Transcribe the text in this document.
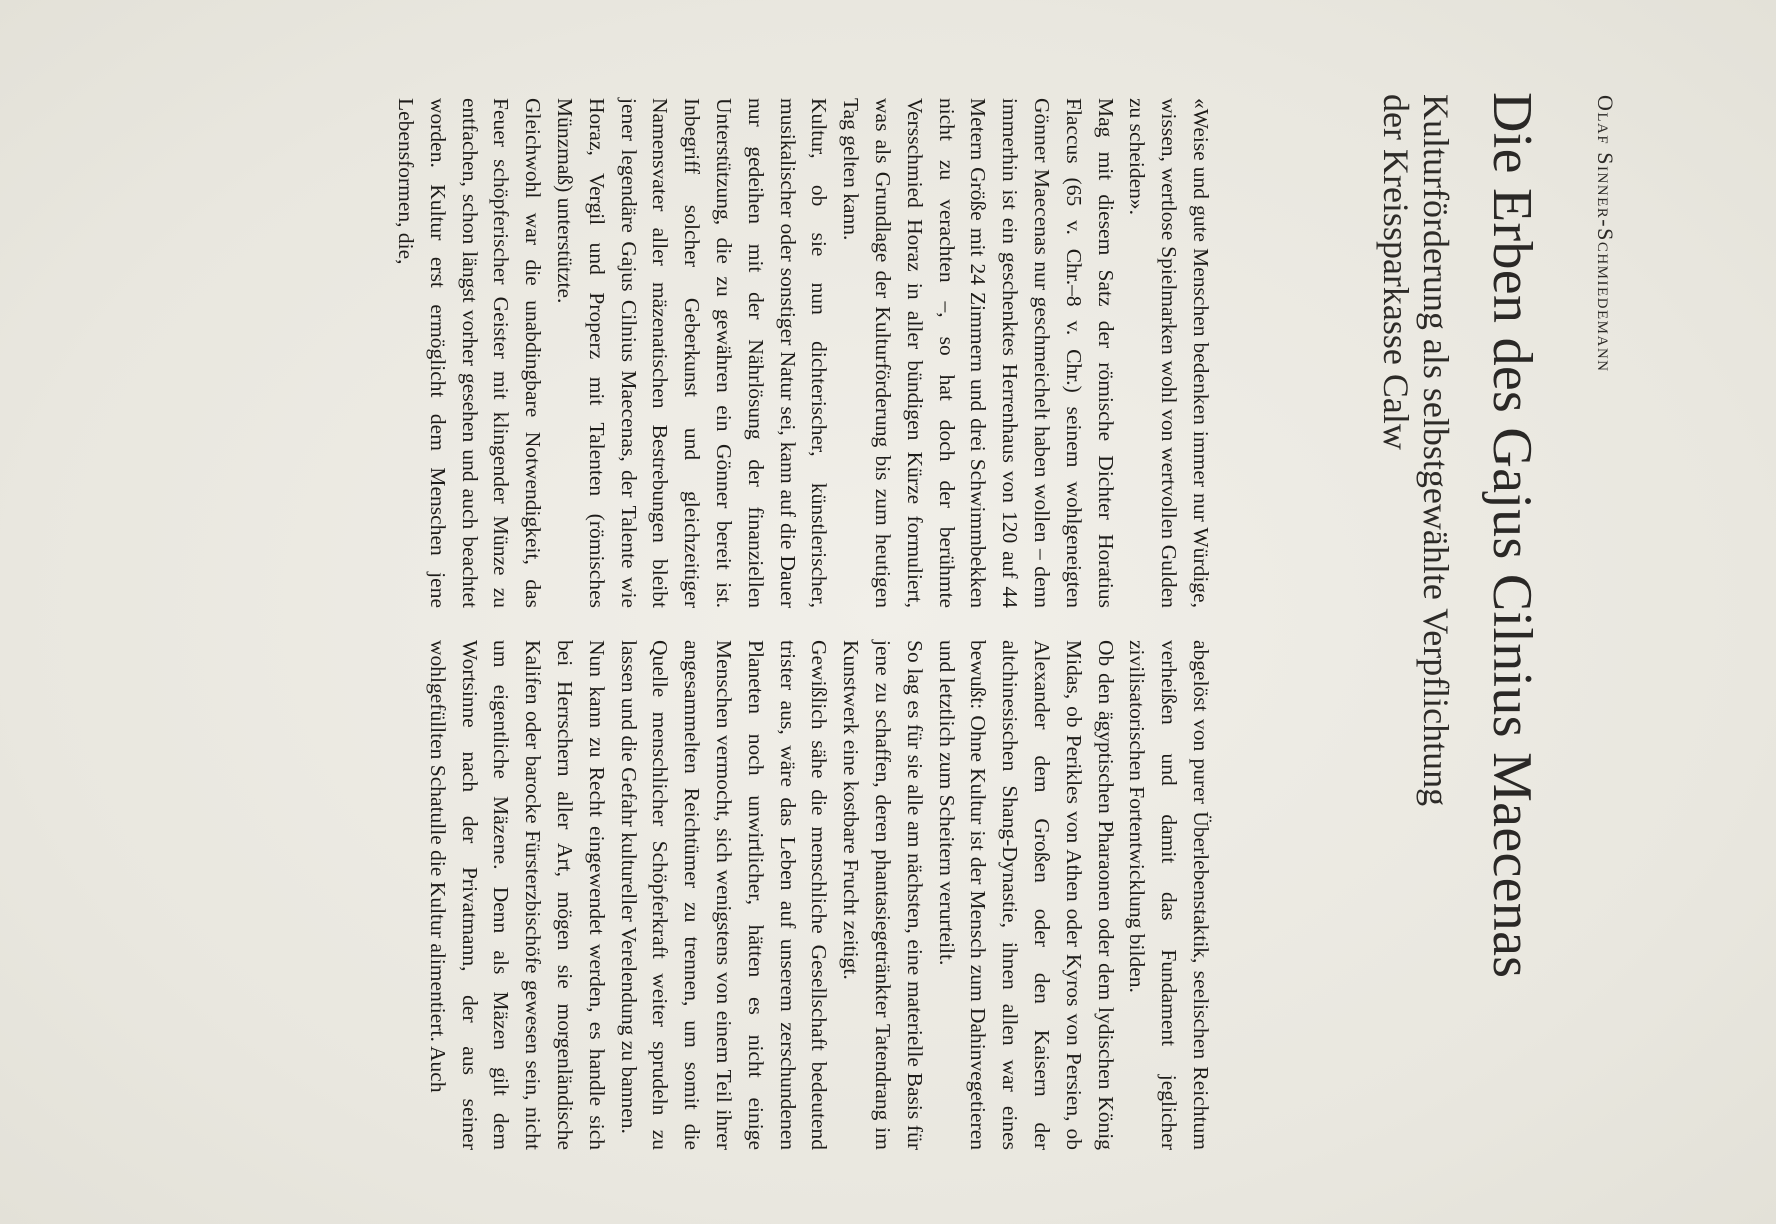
Olaf Sinner-Schmiedemann
Die Erben des Gajus Cilnius Maecenas
Kulturförderung als selbstgewählte Verpflichtung der Kreissparkasse Calw

«Weise und gute Menschen bedenken immer nur Würdige, wissen, wertlose Spielmarken wohl von wertvollen Gulden zu scheiden».

Mag mit diesem Satz der römische Dichter Horatius Flaccus (65 v. Chr.–8 v. Chr.) seinem wohlgeneigten Gönner Maecenas nur geschmeichelt haben wollen – denn immerhin ist ein geschenktes Herrenhaus von 120 auf 44 Metern Größe mit 24 Zimmern und drei Schwimmbekken nicht zu verachten –, so hat doch der berühmte Versschmied Horaz in aller bündigen Kürze formuliert, was als Grundlage der Kulturförderung bis zum heutigen Tag gelten kann.

Kultur, ob sie nun dichterischer, künstlerischer, musikalischer oder sonstiger Natur sei, kann auf die Dauer nur gedeihen mit der Nährlösung der finanziellen Unterstützung, die zu gewähren ein Gönner bereit ist. Inbegriff solcher Geberkunst und gleichzeitiger Namensvater aller mäzenatischen Bestrebungen bleibt jener legendäre Gajus Cilnius Maecenas, der Talente wie Horaz, Vergil und Properz mit Talenten (römisches Münzmaß) unterstützte.

Gleichwohl war die unabdingbare Notwendigkeit, das Feuer schöpferischer Geister mit klingender Münze zu entfachen, schon längst vorher gesehen und auch beachtet worden. Kultur erst ermöglicht dem Menschen jene Lebensformen, die,

abgelöst von purer Überlebenstaktik, seelischen Reichtum verheißen und damit das Fundament jeglicher zivilisatorischen Fortentwicklung bilden.

Ob den ägyptischen Pharaonen oder dem lydischen König Midas, ob Perikles von Athen oder Kyros von Persien, ob Alexander dem Großen oder den Kaisern der altchinesischen Shang-Dynastie, ihnen allen war eines bewußt: Ohne Kultur ist der Mensch zum Dahinvegetieren und letztlich zum Scheitern verurteilt.

So lag es für sie alle am nächsten, eine materielle Basis für jene zu schaffen, deren phantasiegetränkter Tatendrang im Kunstwerk eine kostbare Frucht zeitigt.

Gewißlich sähe die menschliche Gesellschaft bedeutend trister aus, wäre das Leben auf unserem zerschundenen Planeten noch unwirtlicher, hätten es nicht einige Menschen vermocht, sich wenigstens von einem Teil ihrer angesammelten Reichtümer zu trennen, um somit die Quelle menschlicher Schöpferkraft weiter sprudeln zu lassen und die Gefahr kultureller Verelendung zu bannen.

Nun kann zu Recht eingewendet werden, es handle sich bei Herrschern aller Art, mögen sie morgenländische Kalifen oder barocke Fürsterzbischöfe gewesen sein, nicht um eigentliche Mäzene. Denn als Mäzen gilt dem Wortsinne nach der Privatmann, der aus seiner wohlgefüllten Schatulle die Kultur alimentiert. Auch
